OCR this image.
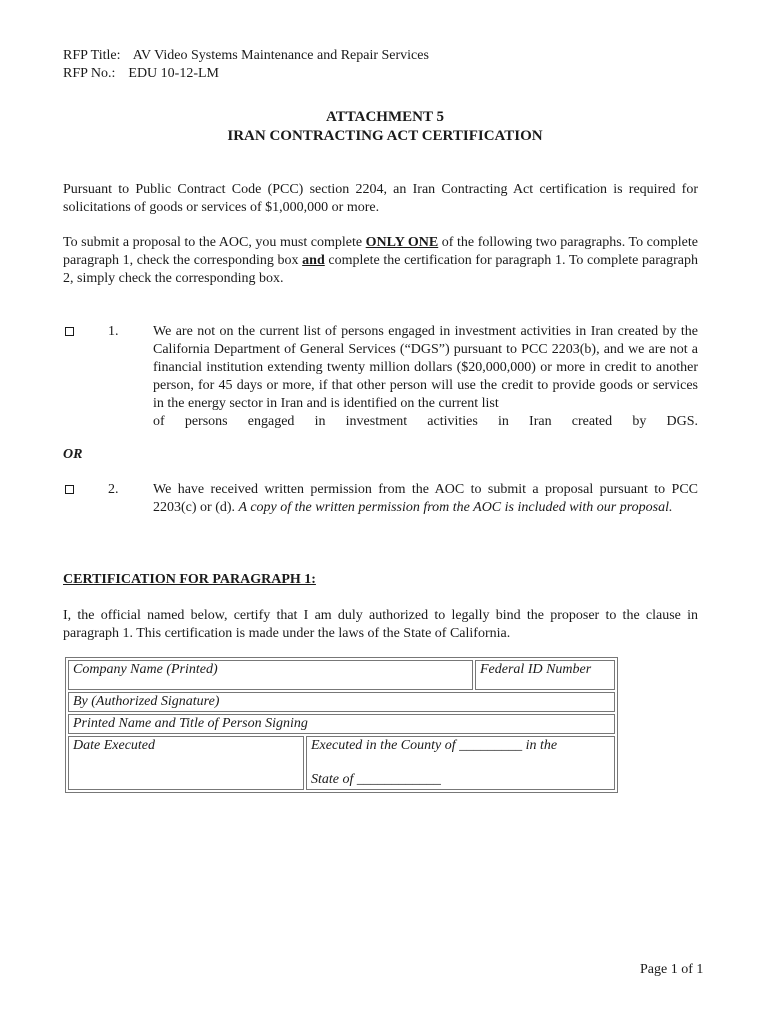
RFP Title: AV Video Systems Maintenance and Repair Services
RFP No.: EDU 10-12-LM
ATTACHMENT 5
IRAN CONTRACTING ACT CERTIFICATION
Pursuant to Public Contract Code (PCC) section 2204, an Iran Contracting Act certification is required for solicitations of goods or services of $1,000,000 or more.
To submit a proposal to the AOC, you must complete ONLY ONE of the following two paragraphs. To complete paragraph 1, check the corresponding box and complete the certification for paragraph 1. To complete paragraph 2, simply check the corresponding box.
1. We are not on the current list of persons engaged in investment activities in Iran created by the California Department of General Services (“DGS”) pursuant to PCC 2203(b), and we are not a financial institution extending twenty million dollars ($20,000,000) or more in credit to another person, for 45 days or more, if that other person will use the credit to provide goods or services in the energy sector in Iran and is identified on the current list
of persons engaged in investment activities in Iran created by DGS.
OR
2. We have received written permission from the AOC to submit a proposal pursuant to PCC 2203(c) or (d). A copy of the written permission from the AOC is included with our proposal.
CERTIFICATION FOR PARAGRAPH 1:
I, the official named below, certify that I am duly authorized to legally bind the proposer to the clause in paragraph 1. This certification is made under the laws of the State of California.
Company Name (Printed)		Federal ID Number
By (Authorized Signature)		
Printed Name and Title of Person Signing		
Date Executed	Executed in the County of _________ in the
State of ____________	
Page 1 of 1
